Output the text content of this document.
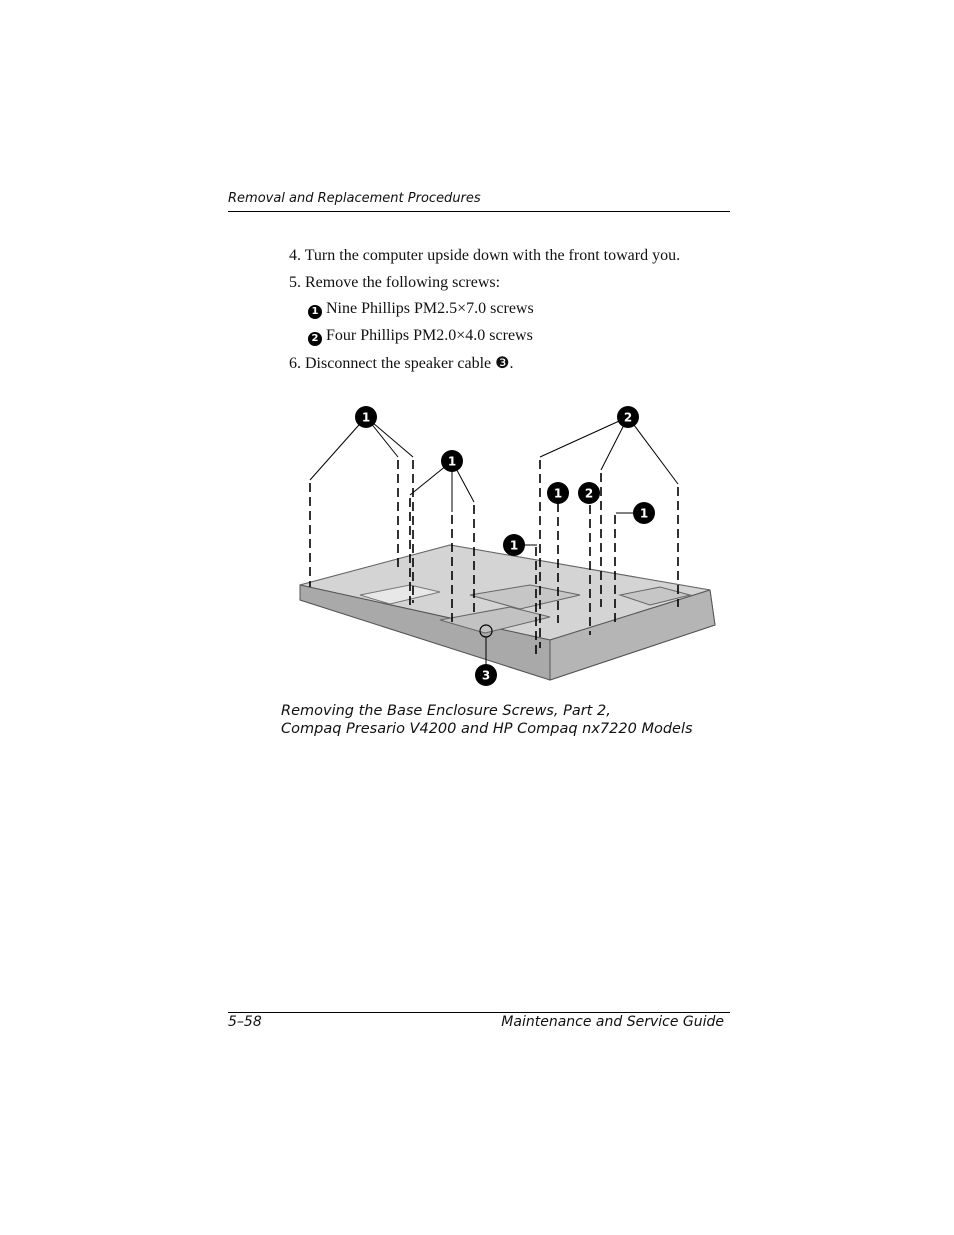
Removal and Replacement Procedures
4. Turn the computer upside down with the front toward you.
5. Remove the following screws:
1 Nine Phillips PM2.5×7.0 screws
2 Four Phillips PM2.0×4.0 screws
6. Disconnect the speaker cable ❸.
1	2
1
1 2
1
1
3
Removing the Base Enclosure Screws, Part 2,
Compaq Presario V4200 and HP Compaq nx7220 Models
5–58	Maintenance and Service Guide
